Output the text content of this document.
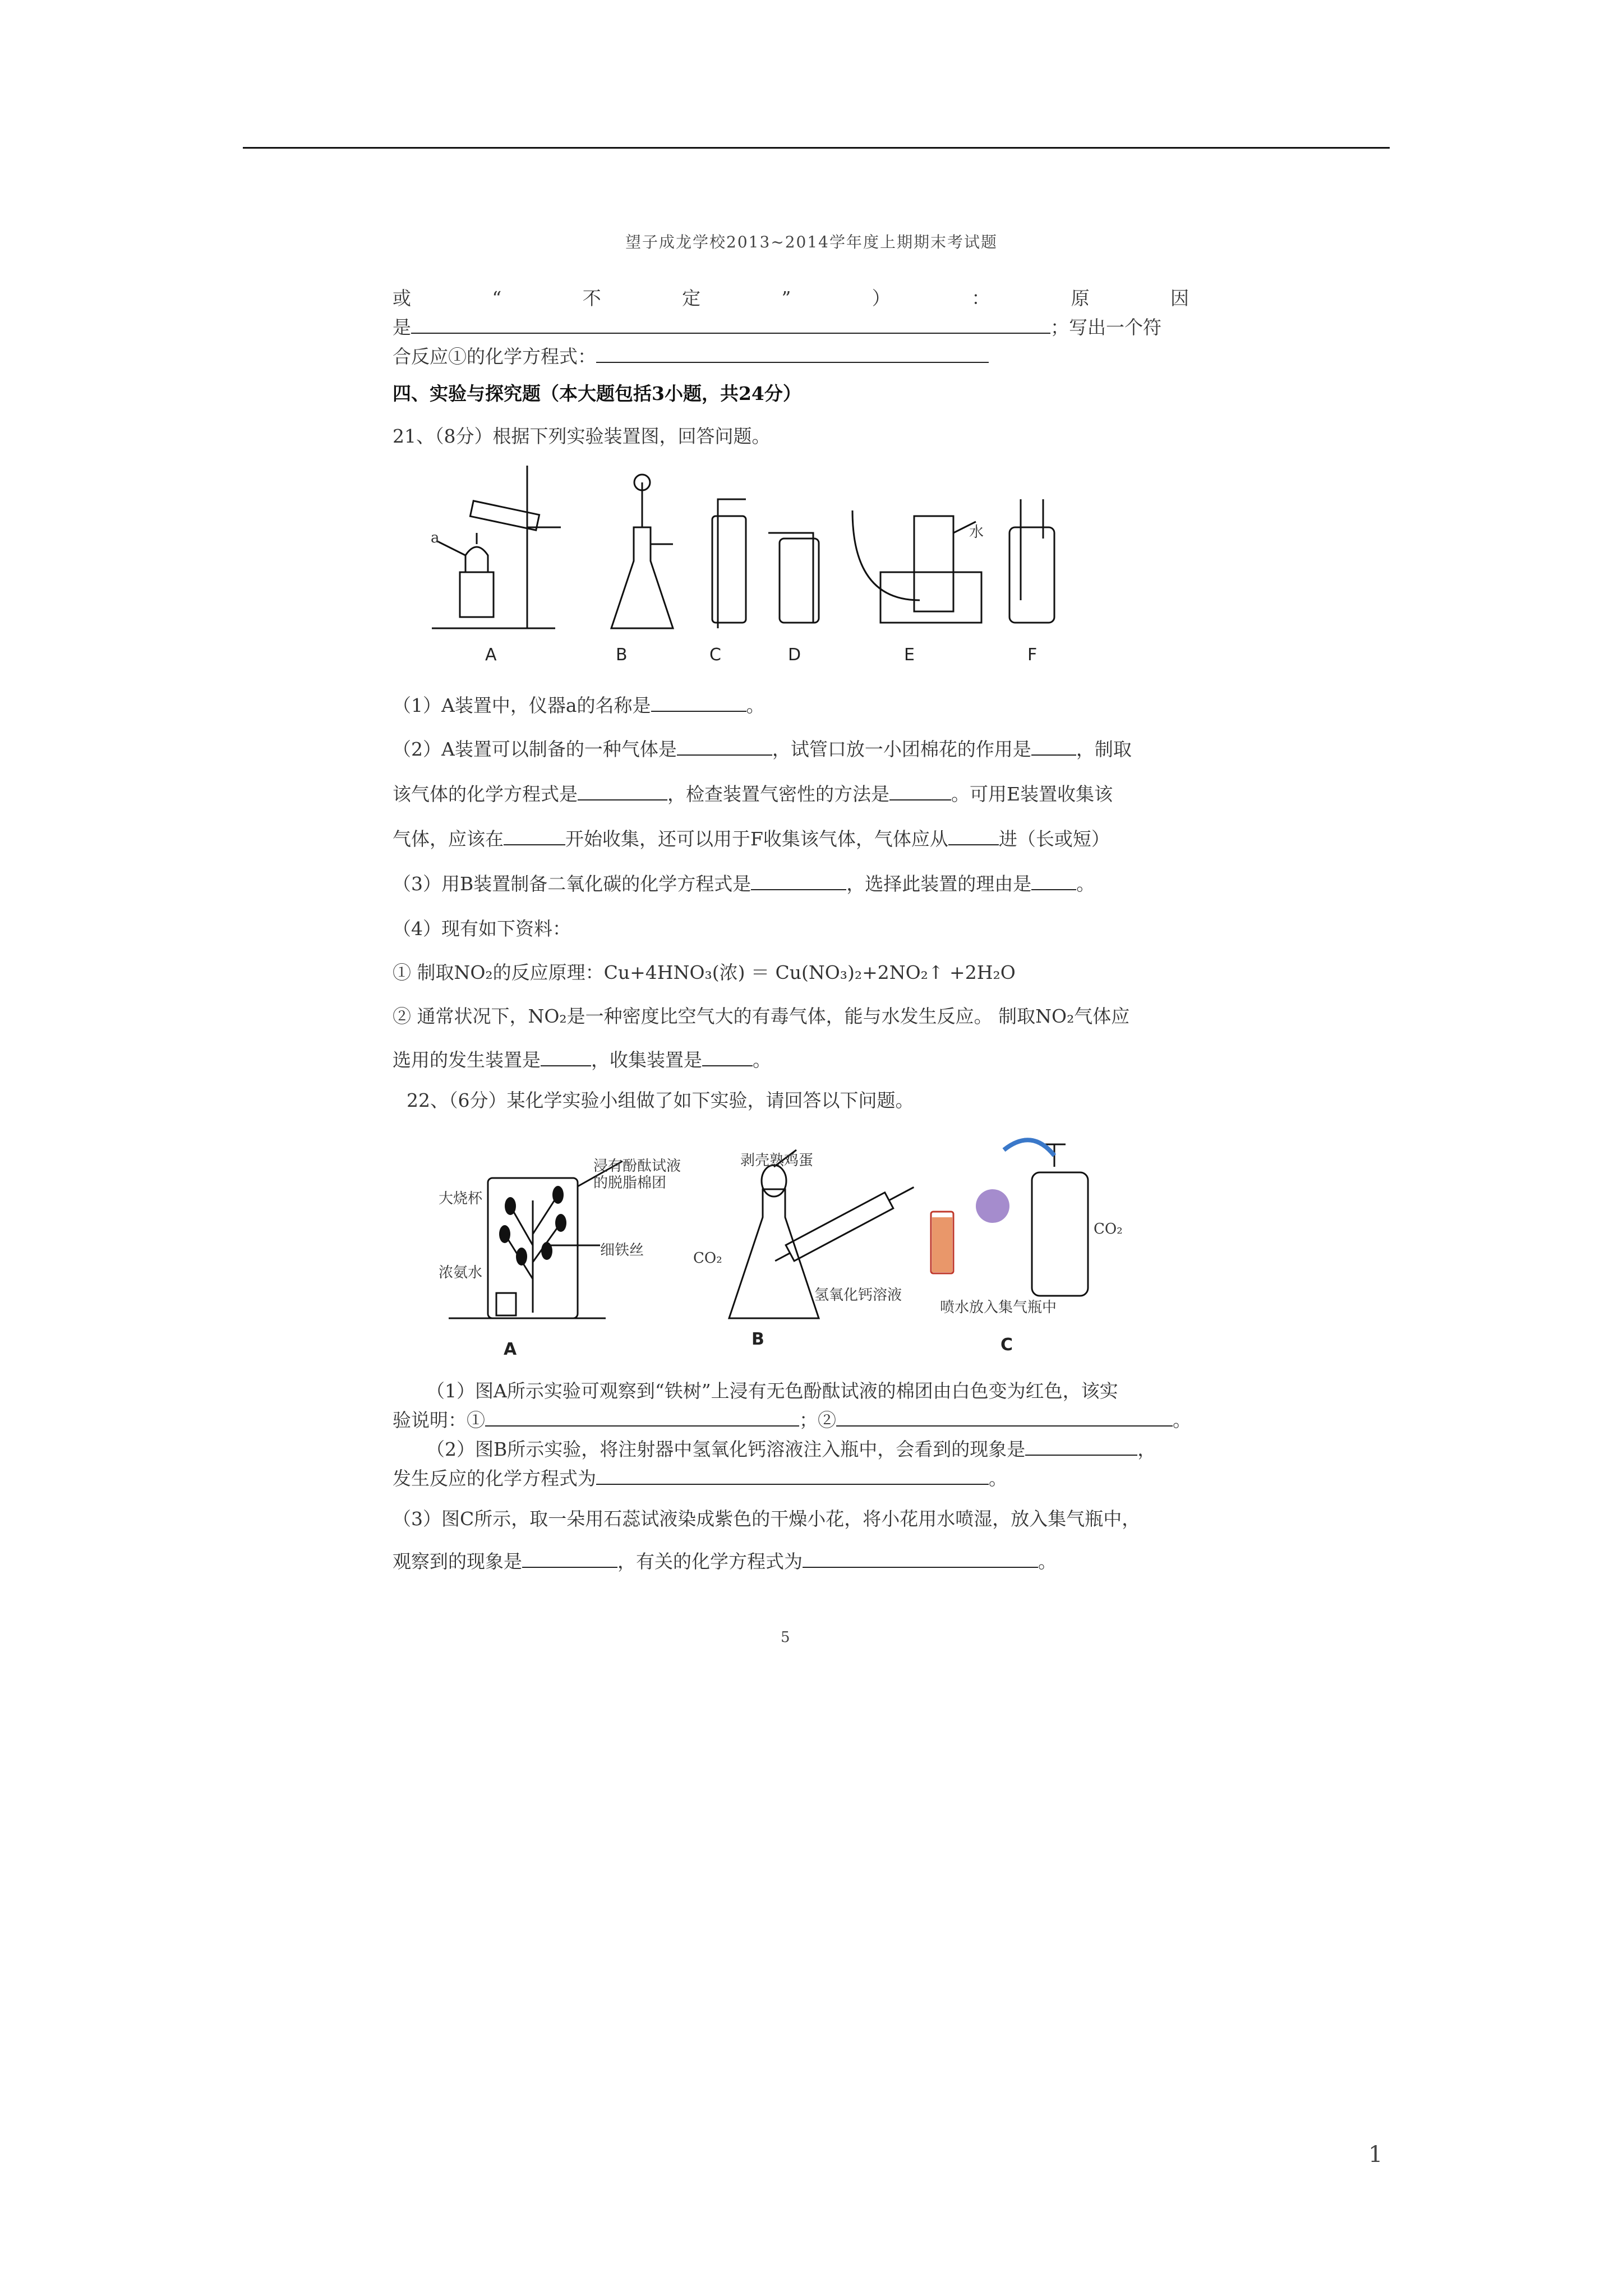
望子成龙学校2013~2014学年度上期期末考试题
或	“	不	定	”	）	：	原	因
是	；写出一个符
合反应①的化学方程式：
四、实验与探究题（本大题包括3小题，共24分）
21、（8分）根据下列实验装置图，回答问题。
a	水
A	B	C	D	E	F
（1）A装置中，仪器a的名称是	。
（2）A装置可以制备的一种气体是	，试管口放一小团棉花的作用是 ，制取
该气体的化学方程式是	，检查装置气密性的方法是	。可用E装置收集该
气体，应该在	开始收集，还可以用于F收集该气体，气体应从	进（长或短）
（3）用B装置制备二氧化碳的化学方程式是	，选择此装置的理由是 。
（4）现有如下资料：
① 制取NO₂的反应原理：Cu+4HNO₃(浓) ＝ Cu(NO₃)₂+2NO₂↑ +2H₂O
② 通常状况下，NO₂是一种密度比空气大的有毒气体，能与水发生反应。 制取NO₂气体应
选用的发生装置是	，收集装置是	。
22、（6分）某化学实验小组做了如下实验，请回答以下问题。
浸有酚酞试液
的脱脂棉团
大烧杯
细铁丝
浓氨水
剥壳熟鸡蛋
CO₂
氢氧化钙溶液
CO₂
喷水放入集气瓶中
A
B	C
（1）图A所示实验可观察到“铁树”上浸有无色酚酞试液的棉团由白色变为红色，该实
验说明：①	；②	。
（2）图B所示实验，将注射器中氢氧化钙溶液注入瓶中，会看到的现象是	，
发生反应的化学方程式为	。
（3）图C所示，取一朵用石蕊试液染成紫色的干燥小花，将小花用水喷湿，放入集气瓶中，
观察到的现象是	，有关的化学方程式为	。
5
1
